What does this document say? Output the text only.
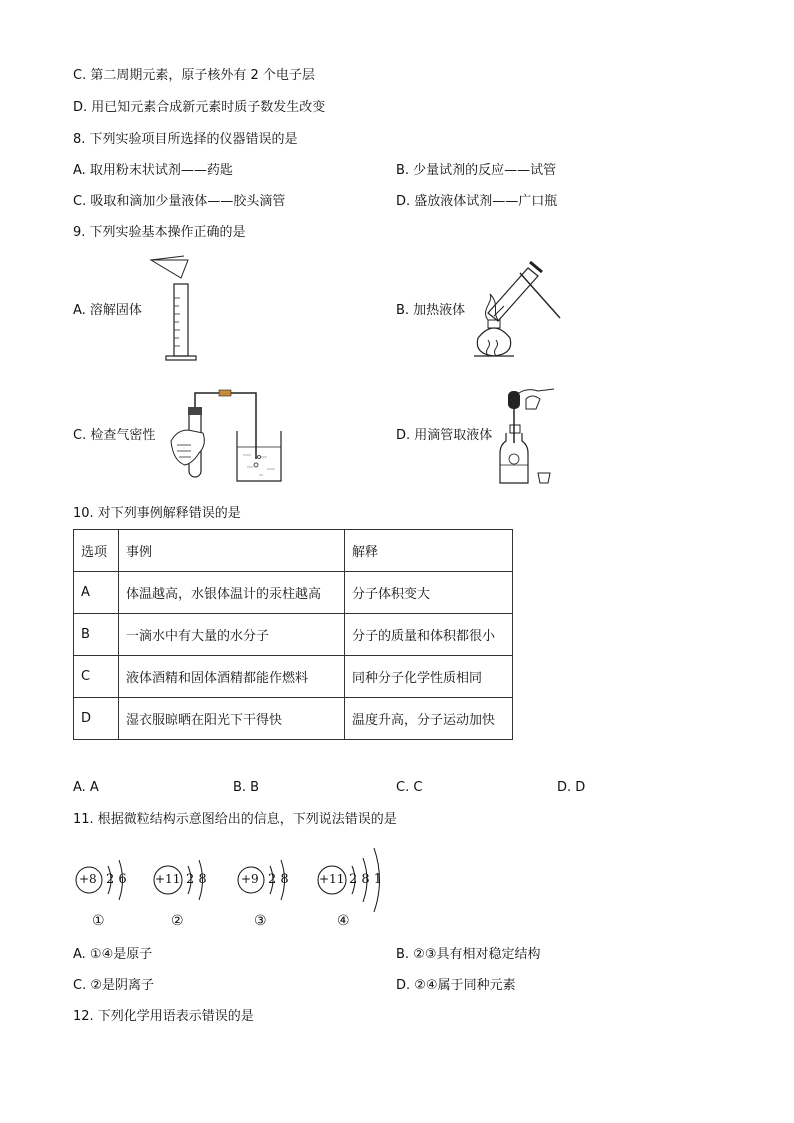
C. 第二周期元素，原子核外有 2 个电子层
D. 用已知元素合成新元素时质子数发生改变
8. 下列实验项目所选择的仪器错误的是
A. 取用粉末状试剂——药匙	B. 少量试剂的反应——试管
C. 吸取和滴加少量液体——胶头滴管	D. 盛放液体试剂——广口瓶
9. 下列实验基本操作正确的是
A. 溶解固体	B. 加热液体
C. 检查气密性	D. 用滴管取液体
10. 对下列事例解释错误的是
选项	事例	解释
A	体温越高，水银体温计的汞柱越高	分子体积变大
B	一滴水中有大量的水分子	分子的质量和体积都很小
C	液体酒精和固体酒精都能作燃料	同种分子化学性质相同
D	湿衣服晾晒在阳光下干得快	温度升高，分子运动加快
A. A	B. B	C. C	D. D
11. 根据微粒结构示意图给出的信息，下列说法错误的是
+8 2 6
①
+11 2 8
②
+9 2 8
③
+11 2 8 1
④
A. ①④是原子	B. ②③具有相对稳定结构
C. ②是阴离子	D. ②④属于同种元素
12. 下列化学用语表示错误的是
